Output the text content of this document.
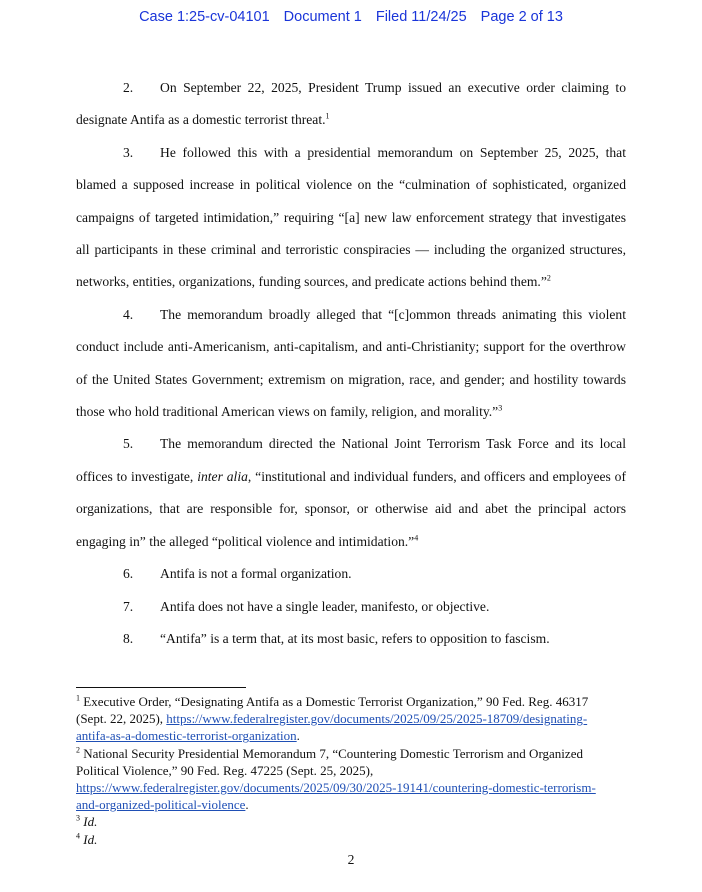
Case 1:25-cv-04101 Document 1 Filed 11/24/25 Page 2 of 13

2. On September 22, 2025, President Trump issued an executive order claiming to designate Antifa as a domestic terrorist threat.$^1$

3. He followed this with a presidential memorandum on September 25, 2025, that blamed a supposed increase in political violence on the “culmination of sophisticated, organized campaigns of targeted intimidation,” requiring “[a] new law enforcement strategy that investigates all participants in these criminal and terroristic conspiracies — including the organized structures, networks, entities, organizations, funding sources, and predicate actions behind them.”$^2$

4. The memorandum broadly alleged that “[c]ommon threads animating this violent conduct include anti-Americanism, anti-capitalism, and anti-Christianity; support for the overthrow of the United States Government; extremism on migration, race, and gender; and hostility towards those who hold traditional American views on family, religion, and morality.”$^3$

5. The memorandum directed the National Joint Terrorism Task Force and its local offices to investigate, inter alia, “institutional and individual funders, and officers and employees of organizations, that are responsible for, sponsor, or otherwise aid and abet the principal actors engaging in” the alleged “political violence and intimidation.”$^4$

6. Antifa is not a formal organization.

7. Antifa does not have a single leader, manifesto, or objective.

8. “Antifa” is a term that, at its most basic, refers to opposition to fascism.

$^1$ Executive Order, “Designating Antifa as a Domestic Terrorist Organization,” 90 Fed. Reg. 46317 (Sept. 22, 2025), https://www.federalregister.gov/documents/2025/09/25/2025-18709/designating-antifa-as-a-domestic-terrorist-organization.

$^2$ National Security Presidential Memorandum 7, “Countering Domestic Terrorism and Organized Political Violence,” 90 Fed. Reg. 47225 (Sept. 25, 2025), https://www.federalregister.gov/documents/2025/09/30/2025-19141/countering-domestic-terrorism-and-organized-political-violence.

$^3$ Id.

$^4$ Id.

2
